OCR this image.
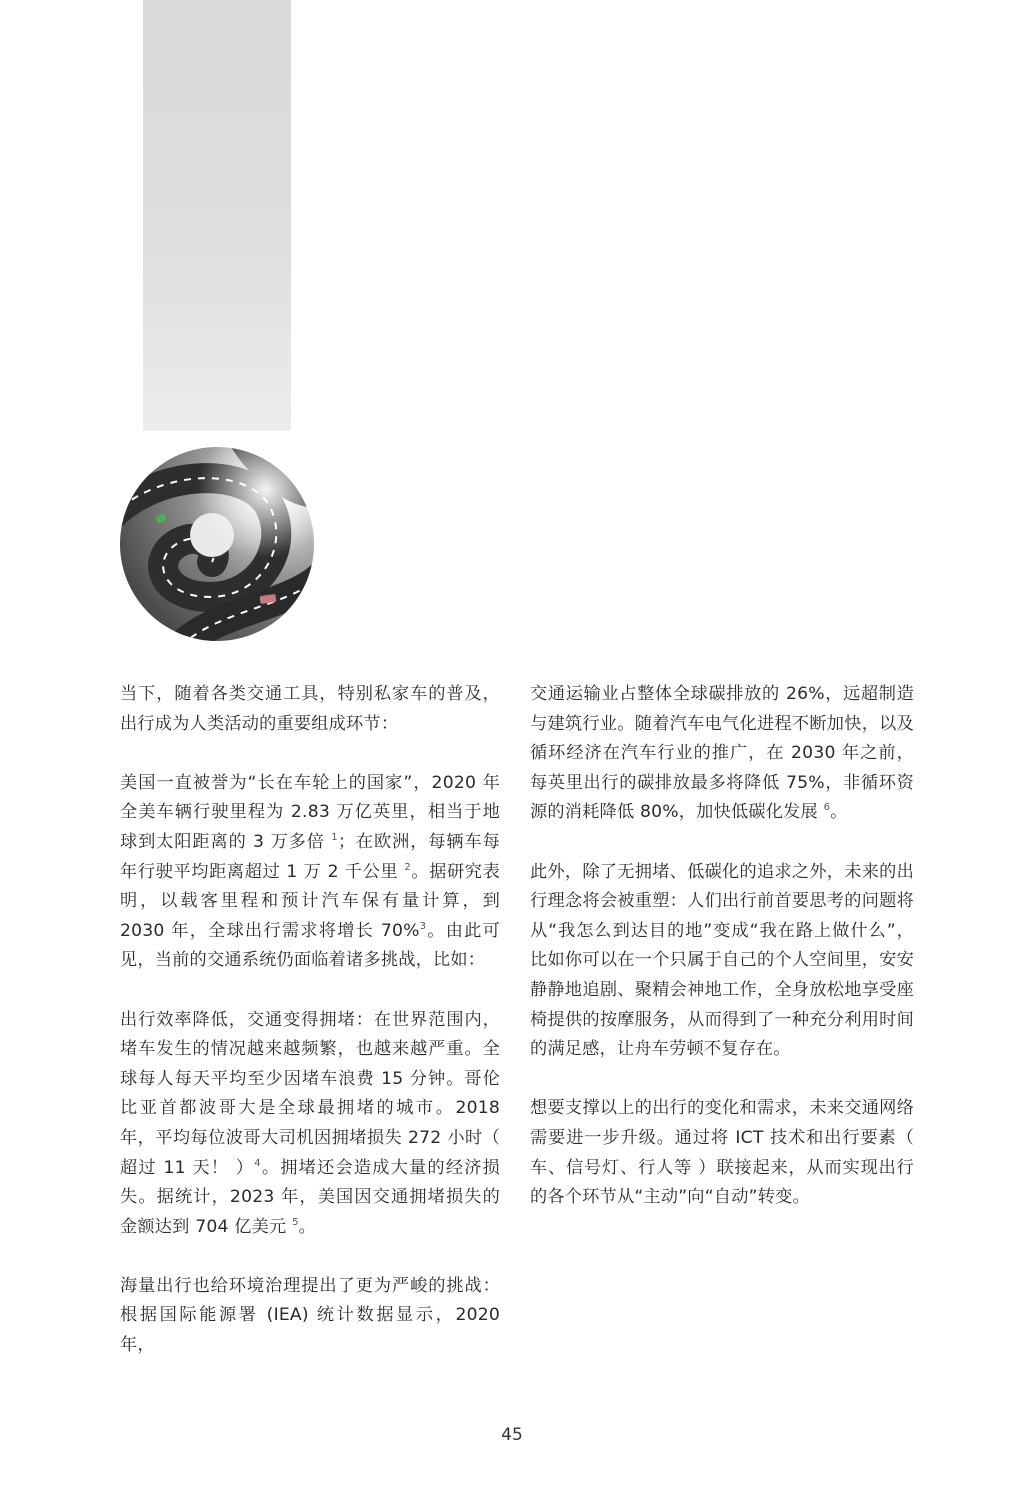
当下，随着各类交通工具，特别私家车的普及，出行成为人类活动的重要组成环节：

美国一直被誉为“长在车轮上的国家”，2020 年全美车辆行驶里程为 2.83 万亿英里，相当于地球到太阳距离的 3 万多倍 $^1$；在欧洲，每辆车每年行驶平均距离超过 1 万 2 千公里 $^2$。据研究表明，以载客里程和预计汽车保有量计算，到 2030 年，全球出行需求将增长 70%$^3$。由此可见，当前的交通系统仍面临着诸多挑战，比如：

出行效率降低，交通变得拥堵：在世界范围内，堵车发生的情况越来越频繁，也越来越严重。全球每人每天平均至少因堵车浪费 15 分钟。哥伦比亚首都波哥大是全球最拥堵的城市。2018 年，平均每位波哥大司机因拥堵损失 272 小时（ 超过 11 天！ ）$^4$。拥堵还会造成大量的经济损失。据统计，2023 年，美国因交通拥堵损失的金额达到 704 亿美元 $^5$。

海量出行也给环境治理提出了更为严峻的挑战：根据国际能源署 (IEA) 统计数据显示，2020 年，

交通运输业占整体全球碳排放的 26%，远超制造与建筑行业。随着汽车电气化进程不断加快，以及循环经济在汽车行业的推广，在 2030 年之前，每英里出行的碳排放最多将降低 75%，非循环资源的消耗降低 80%，加快低碳化发展 $^6$。

此外，除了无拥堵、低碳化的追求之外，未来的出行理念将会被重塑：人们出行前首要思考的问题将从“我怎么到达目的地”变成“我在路上做什么”，比如你可以在一个只属于自己的个人空间里，安安静静地追剧、聚精会神地工作，全身放松地享受座椅提供的按摩服务，从而得到了一种充分利用时间的满足感，让舟车劳顿不复存在。

想要支撑以上的出行的变化和需求，未来交通网络需要进一步升级。通过将 ICT 技术和出行要素（ 车、信号灯、行人等 ）联接起来，从而实现出行的各个环节从“主动”向“自动”转变。

45
